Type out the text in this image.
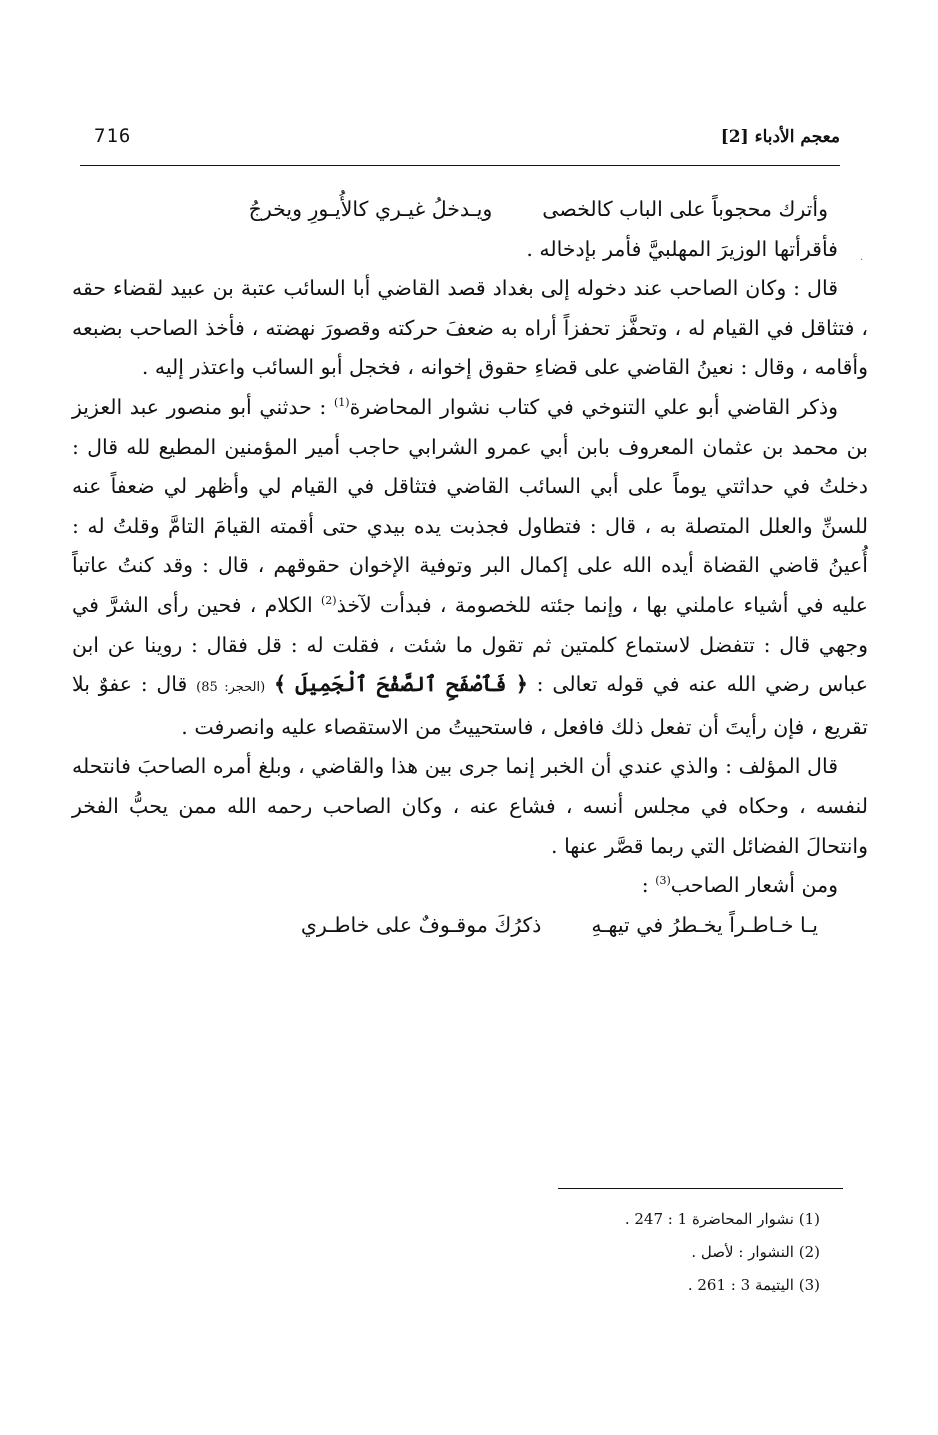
716	معجم الأدباء [2]
·
وأترك محجوباً على الباب كالخصى
ويـدخلُ غيـري كالأُيـورِ ويخرجُ

فأقرأتها الوزيرَ المهلبيَّ فأمر بإدخاله .

قال : وكان الصاحب عند دخوله إلى بغداد قصد القاضي أبا السائب عتبة بن عبيد لقضاء حقه ، فتثاقل في القيام له ، وتحفَّز تحفزاً أراه به ضعفَ حركته وقصورَ نهضته ، فأخذ الصاحب بضبعه وأقامه ، وقال : نعينُ القاضي على قضاءِ حقوق إخوانه ، فخجل أبو السائب واعتذر إليه .

وذكر القاضي أبو علي التنوخي في كتاب نشوار المحاضرة$^{(1)}$ : حدثني أبو منصور عبد العزيز بن محمد بن عثمان المعروف بابن أبي عمرو الشرابي حاجب أمير المؤمنين المطيع لله قال : دخلتُ في حداثتي يوماً على أبي السائب القاضي فتثاقل في القيام لي وأظهر لي ضعفاً عنه للسنِّ والعلل المتصلة به ، قال : فتطاول فجذبت يده بيدي حتى أقمته القيامَ التامَّ وقلتُ له : أُعينُ قاضي القضاة أيده الله على إكمال البر وتوفية الإخوان حقوقهم ، قال : وقد كنتُ عاتباً عليه في أشياء عاملني بها ، وإنما جئته للخصومة ، فبدأت لآخذ$^{(2)}$ الكلام ، فحين رأى الشرَّ في وجهي قال : تتفضل لاستماع كلمتين ثم تقول ما شئت ، فقلت له : قل فقال : روينا عن ابن عباس رضي الله عنه في قوله تعالى : ﴿ فَٱصْفَحِ ٱلصَّفْحَ ٱلْجَمِيلَ ﴾ (الحجر: 85) قال : عفوٌ بلا تقريع ، فإن رأيتَ أن تفعل ذلك فافعل ، فاستحييتُ من الاستقصاء عليه وانصرفت .

قال المؤلف : والذي عندي أن الخبر إنما جرى بين هذا والقاضي ، وبلغ أمره الصاحبَ فانتحله لنفسه ، وحكاه في مجلس أنسه ، فشاع عنه ، وكان الصاحب رحمه الله ممن يحبُّ الفخر وانتحالَ الفضائل التي ربما قصَّر عنها .

ومن أشعار الصاحب$^{(3)}$ :

يـا خـاطـراً يخـطرُ في تيهـهِ
ذكرُكَ موقـوفٌ على خاطـري
(1) نشوار المحاضرة 1 : 247 .
(2) النشوار : لأصل .
(3) اليتيمة 3 : 261 .
